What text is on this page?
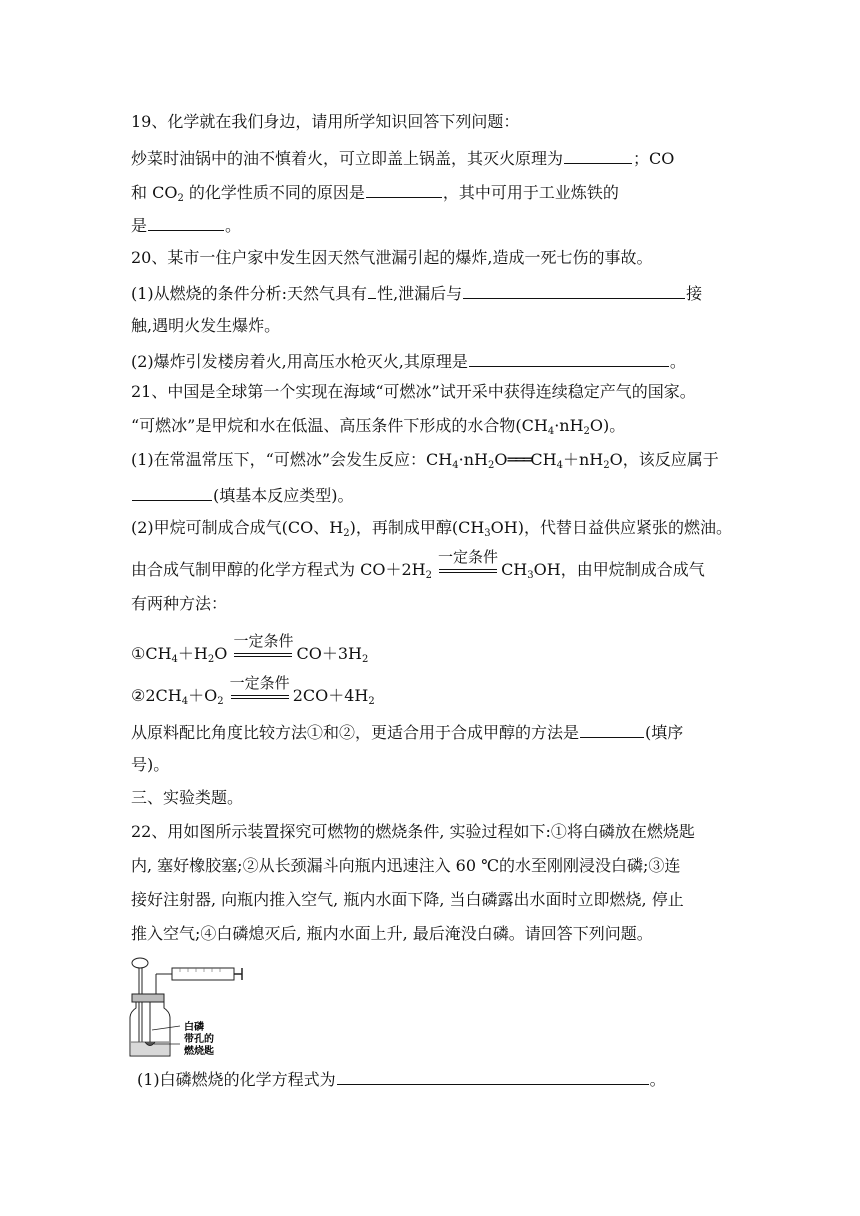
19、化学就在我们身边，请用所学知识回答下列问题：
炒菜时油锅中的油不慎着火，可立即盖上锅盖，其灭火原理为	；CO
和 $CO_2$ 的化学性质不同的原因是	，其中可用于工业炼铁的
是	。
20、某市一住户家中发生因天然气泄漏引起的爆炸,造成一死七伤的事故。
(1)从燃烧的条件分析:天然气具有 性,泄漏后与	接
触,遇明火发生爆炸。
(2)爆炸引发楼房着火,用高压水枪灭火,其原理是	。
21、中国是全球第一个实现在海域“可燃冰”试开采中获得连续稳定产气的国家。
“可燃冰”是甲烷和水在低温、高压条件下形成的水合物$(CH_4\cdot nH_2O)$。
(1)在常温常压下，“可燃冰”会发生反应：$CH_4\cdot nH_2O═══CH_4+nH_2O$，该反应属于
(填基本反应类型)。
(2)甲烷可制成合成气(CO、$H_2$)，再制成甲醇$(CH_3OH)$，代替日益供应紧张的燃油。
由合成气制甲醇的化学方程式为 $CO+2H_2$
一定条件
$CH_3OH$，由甲烷制成合成气
有两种方法：
$①CH_4+H_2O$
一定条件
$CO+3H_2$
$②2CH_4+O_2$
一定条件
$2CO+4H_2$
从原料配比角度比较方法①和②，更适合用于合成甲醇的方法是	(填序
号)。
三、实验类题。
22、用如图所示装置探究可燃物的燃烧条件, 实验过程如下:①将白磷放在燃烧匙
内, 塞好橡胶塞;②从长颈漏斗向瓶内迅速注入 60 ℃的水至刚刚浸没白磷;③连
接好注射器, 向瓶内推入空气, 瓶内水面下降, 当白磷露出水面时立即燃烧, 停止
推入空气;④白磷熄灭后, 瓶内水面上升, 最后淹没白磷。请回答下列问题。
白磷
带孔的
燃烧匙
(1)白磷燃烧的化学方程式为	。
